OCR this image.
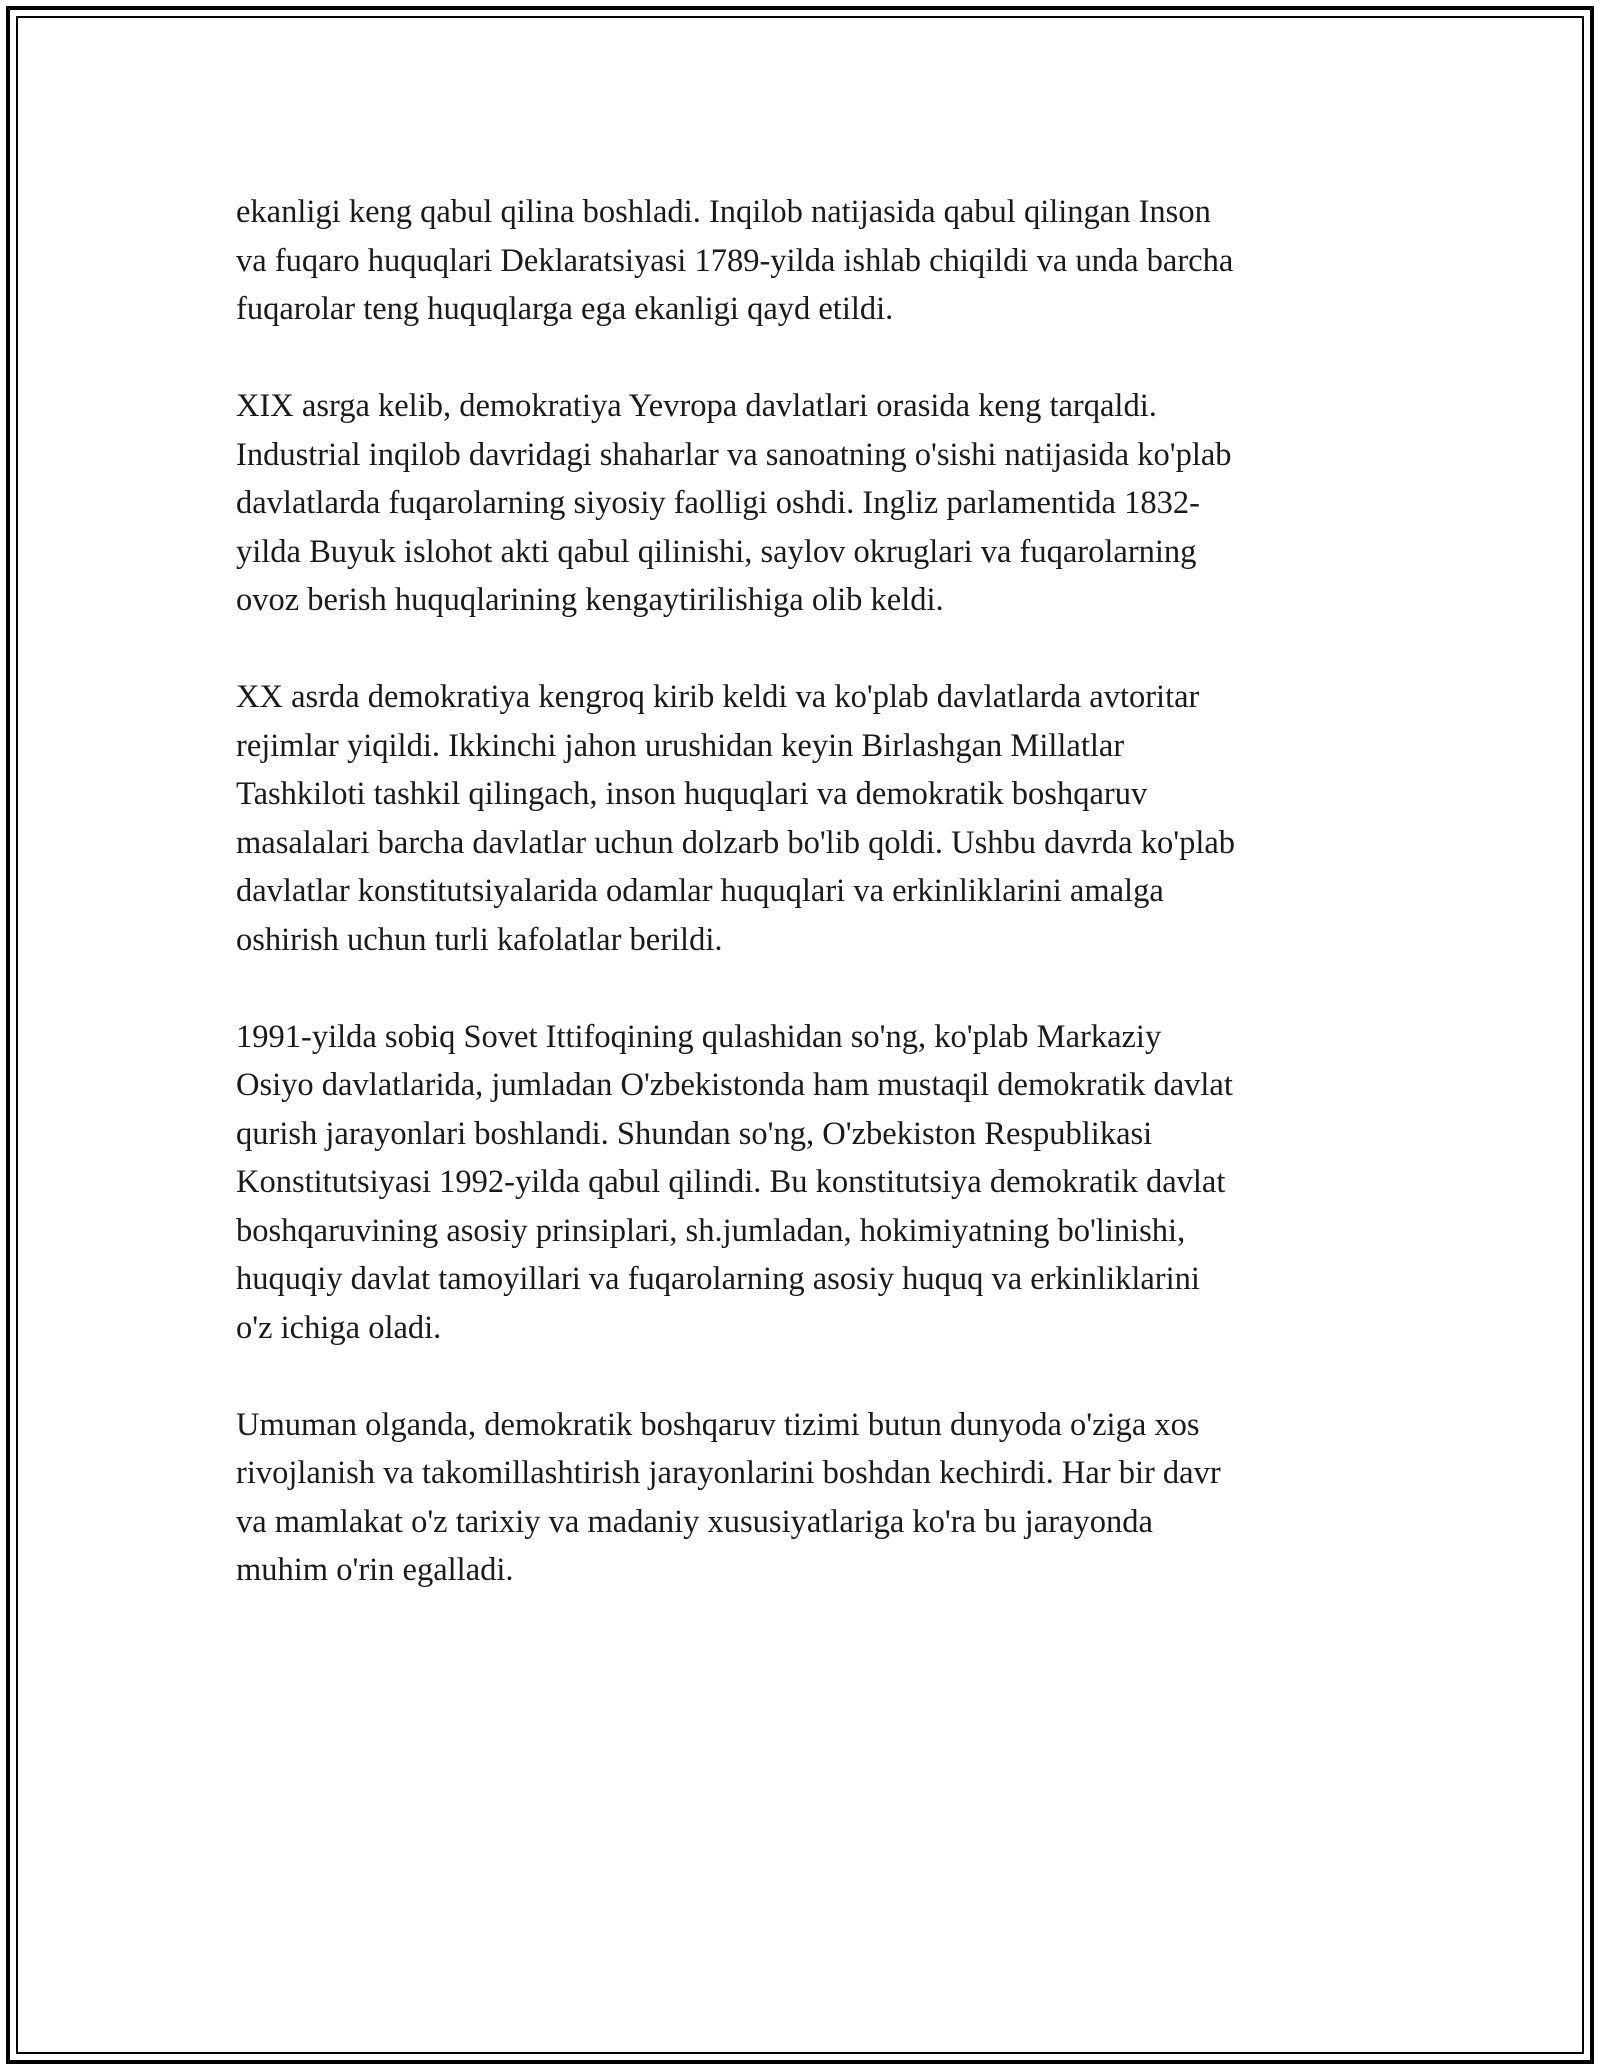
ekanligi keng qabul qilina boshladi. Inqilob natijasida qabul qilingan Inson
va fuqaro huquqlari Deklaratsiyasi 1789-yilda ishlab chiqildi va unda barcha
fuqarolar teng huquqlarga ega ekanligi qayd etildi.

XIX asrga kelib, demokratiya Yevropa davlatlari orasida keng tarqaldi.
Industrial inqilob davridagi shaharlar va sanoatning o'sishi natijasida ko'plab
davlatlarda fuqarolarning siyosiy faolligi oshdi. Ingliz parlamentida 1832-
yilda Buyuk islohot akti qabul qilinishi, saylov okruglari va fuqarolarning
ovoz berish huquqlarining kengaytirilishiga olib keldi.

XX asrda demokratiya kengroq kirib keldi va ko'plab davlatlarda avtoritar
rejimlar yiqildi. Ikkinchi jahon urushidan keyin Birlashgan Millatlar
Tashkiloti tashkil qilingach, inson huquqlari va demokratik boshqaruv
masalalari barcha davlatlar uchun dolzarb bo'lib qoldi. Ushbu davrda ko'plab
davlatlar konstitutsiyalarida odamlar huquqlari va erkinliklarini amalga
oshirish uchun turli kafolatlar berildi.

1991-yilda sobiq Sovet Ittifoqining qulashidan so'ng, ko'plab Markaziy
Osiyo davlatlarida, jumladan O'zbekistonda ham mustaqil demokratik davlat
qurish jarayonlari boshlandi. Shundan so'ng, O'zbekiston Respublikasi
Konstitutsiyasi 1992-yilda qabul qilindi. Bu konstitutsiya demokratik davlat
boshqaruvining asosiy prinsiplari, sh.jumladan, hokimiyatning bo'linishi,
huquqiy davlat tamoyillari va fuqarolarning asosiy huquq va erkinliklarini
o'z ichiga oladi.

Umuman olganda, demokratik boshqaruv tizimi butun dunyoda o'ziga xos
rivojlanish va takomillashtirish jarayonlarini boshdan kechirdi. Har bir davr
va mamlakat o'z tarixiy va madaniy xususiyatlariga ko'ra bu jarayonda
muhim o'rin egalladi.
